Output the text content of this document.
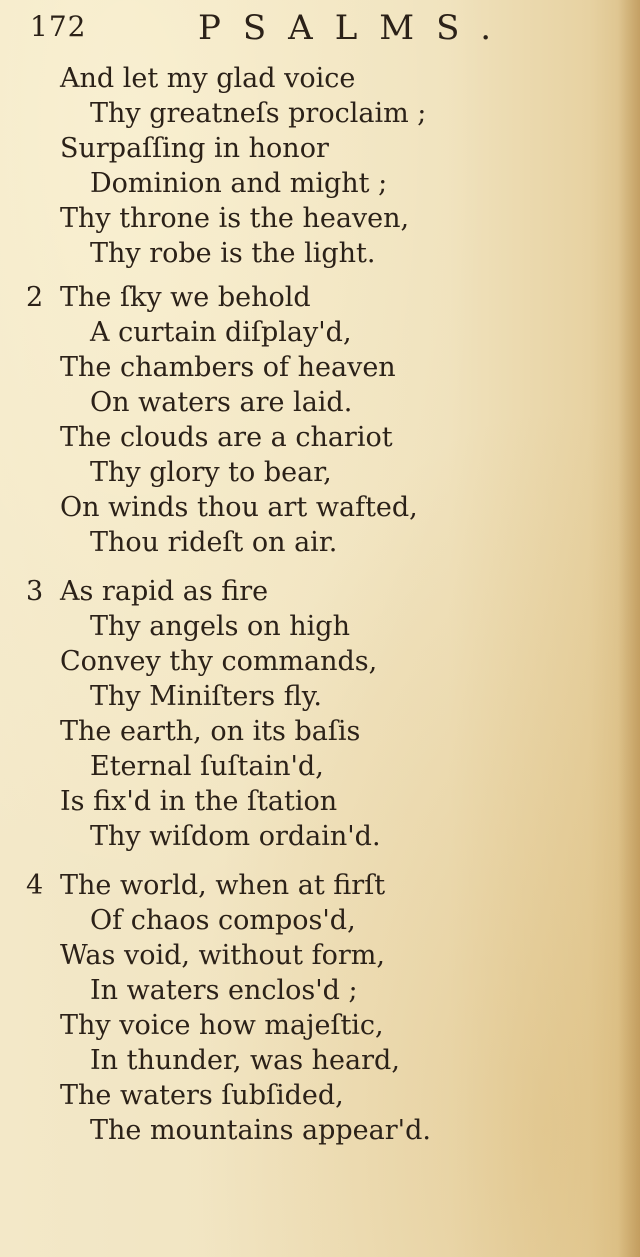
172	PSALMS.
And let my glad voice
Thy greatneſs proclaim ;
Surpaſſing in honor
Dominion and might ;
Thy throne is the heaven,
Thy robe is the light.
2 The ſky we behold
A curtain diſplay'd,
The chambers of heaven
On waters are laid.
The clouds are a chariot
Thy glory to bear,
On winds thou art wafted,
Thou rideſt on air.
3 As rapid as fire
Thy angels on high
Convey thy commands,
Thy Miniſters fly.
The earth, on its baſis
Eternal ſuſtain'd,
Is fix'd in the ſtation
Thy wiſdom ordain'd.
4 The world, when at firſt
Of chaos compos'd,
Was void, without form,
In waters enclos'd ;
Thy voice how majeſtic,
In thunder, was heard,
The waters ſubſided,
The mountains appear'd.
